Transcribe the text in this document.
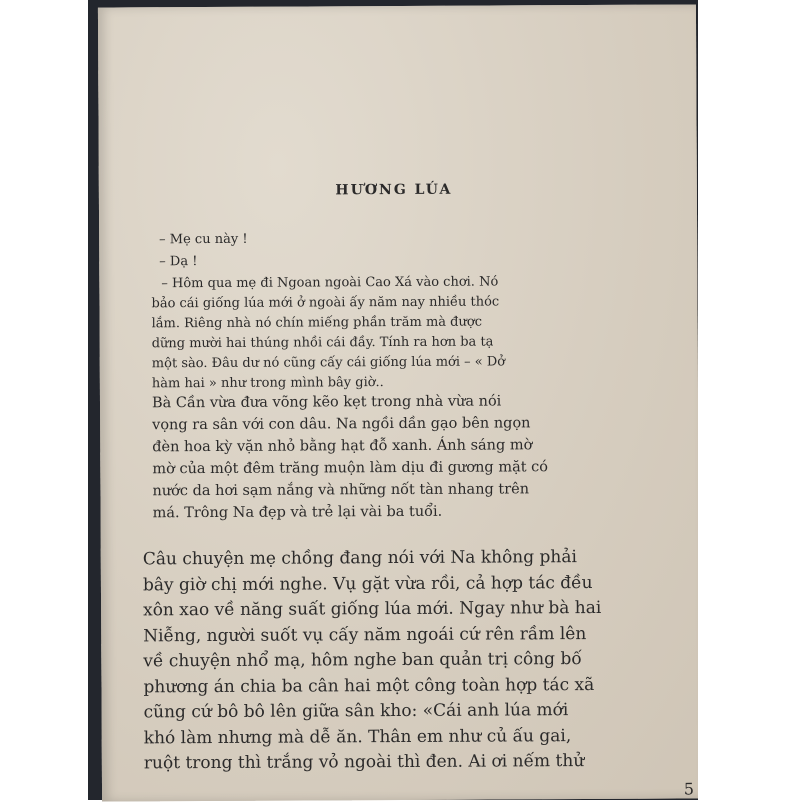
HƯƠNG LÚA
– Mẹ cu này !
– Dạ !
– Hôm qua mẹ đi Ngoan ngoài Cao Xá vào chơi. Nó
bảo cái giống lúa mới ở ngoài ấy năm nay nhiều thóc
lắm. Riêng nhà nó chín miếng phần trăm mà được
dững mười hai thúng nhồi cái đầy. Tính ra hơn ba tạ
một sào. Đâu dư nó cũng cấy cái giống lúa mới – « Dở
hàm hai » như trong mình bây giờ..
Bà Cần vừa đưa võng kẽo kẹt trong nhà vừa nói
vọng ra sân với con dâu. Na ngồi dần gạo bên ngọn
đèn hoa kỳ vặn nhỏ bằng hạt đỗ xanh. Ánh sáng mờ
mờ của một đêm trăng muộn làm dịu đi gương mặt có
nước da hơi sạm nắng và những nốt tàn nhang trên
má. Trông Na đẹp và trẻ lại vài ba tuổi.
Câu chuyện mẹ chồng đang nói với Na không phải
bây giờ chị mới nghe. Vụ gặt vừa rồi, cả hợp tác đều
xôn xao về năng suất giống lúa mới. Ngay như bà hai
Niễng, người suốt vụ cấy năm ngoái cứ rên rầm lên
về chuyện nhổ mạ, hôm nghe ban quản trị công bố
phương án chia ba cân hai một công toàn hợp tác xã
cũng cứ bô bô lên giữa sân kho: «Cái anh lúa mới
khó làm nhưng mà dễ ăn. Thân em như củ ấu gai,
ruột trong thì trắng vỏ ngoài thì đen. Ai ơi nếm thử
5
